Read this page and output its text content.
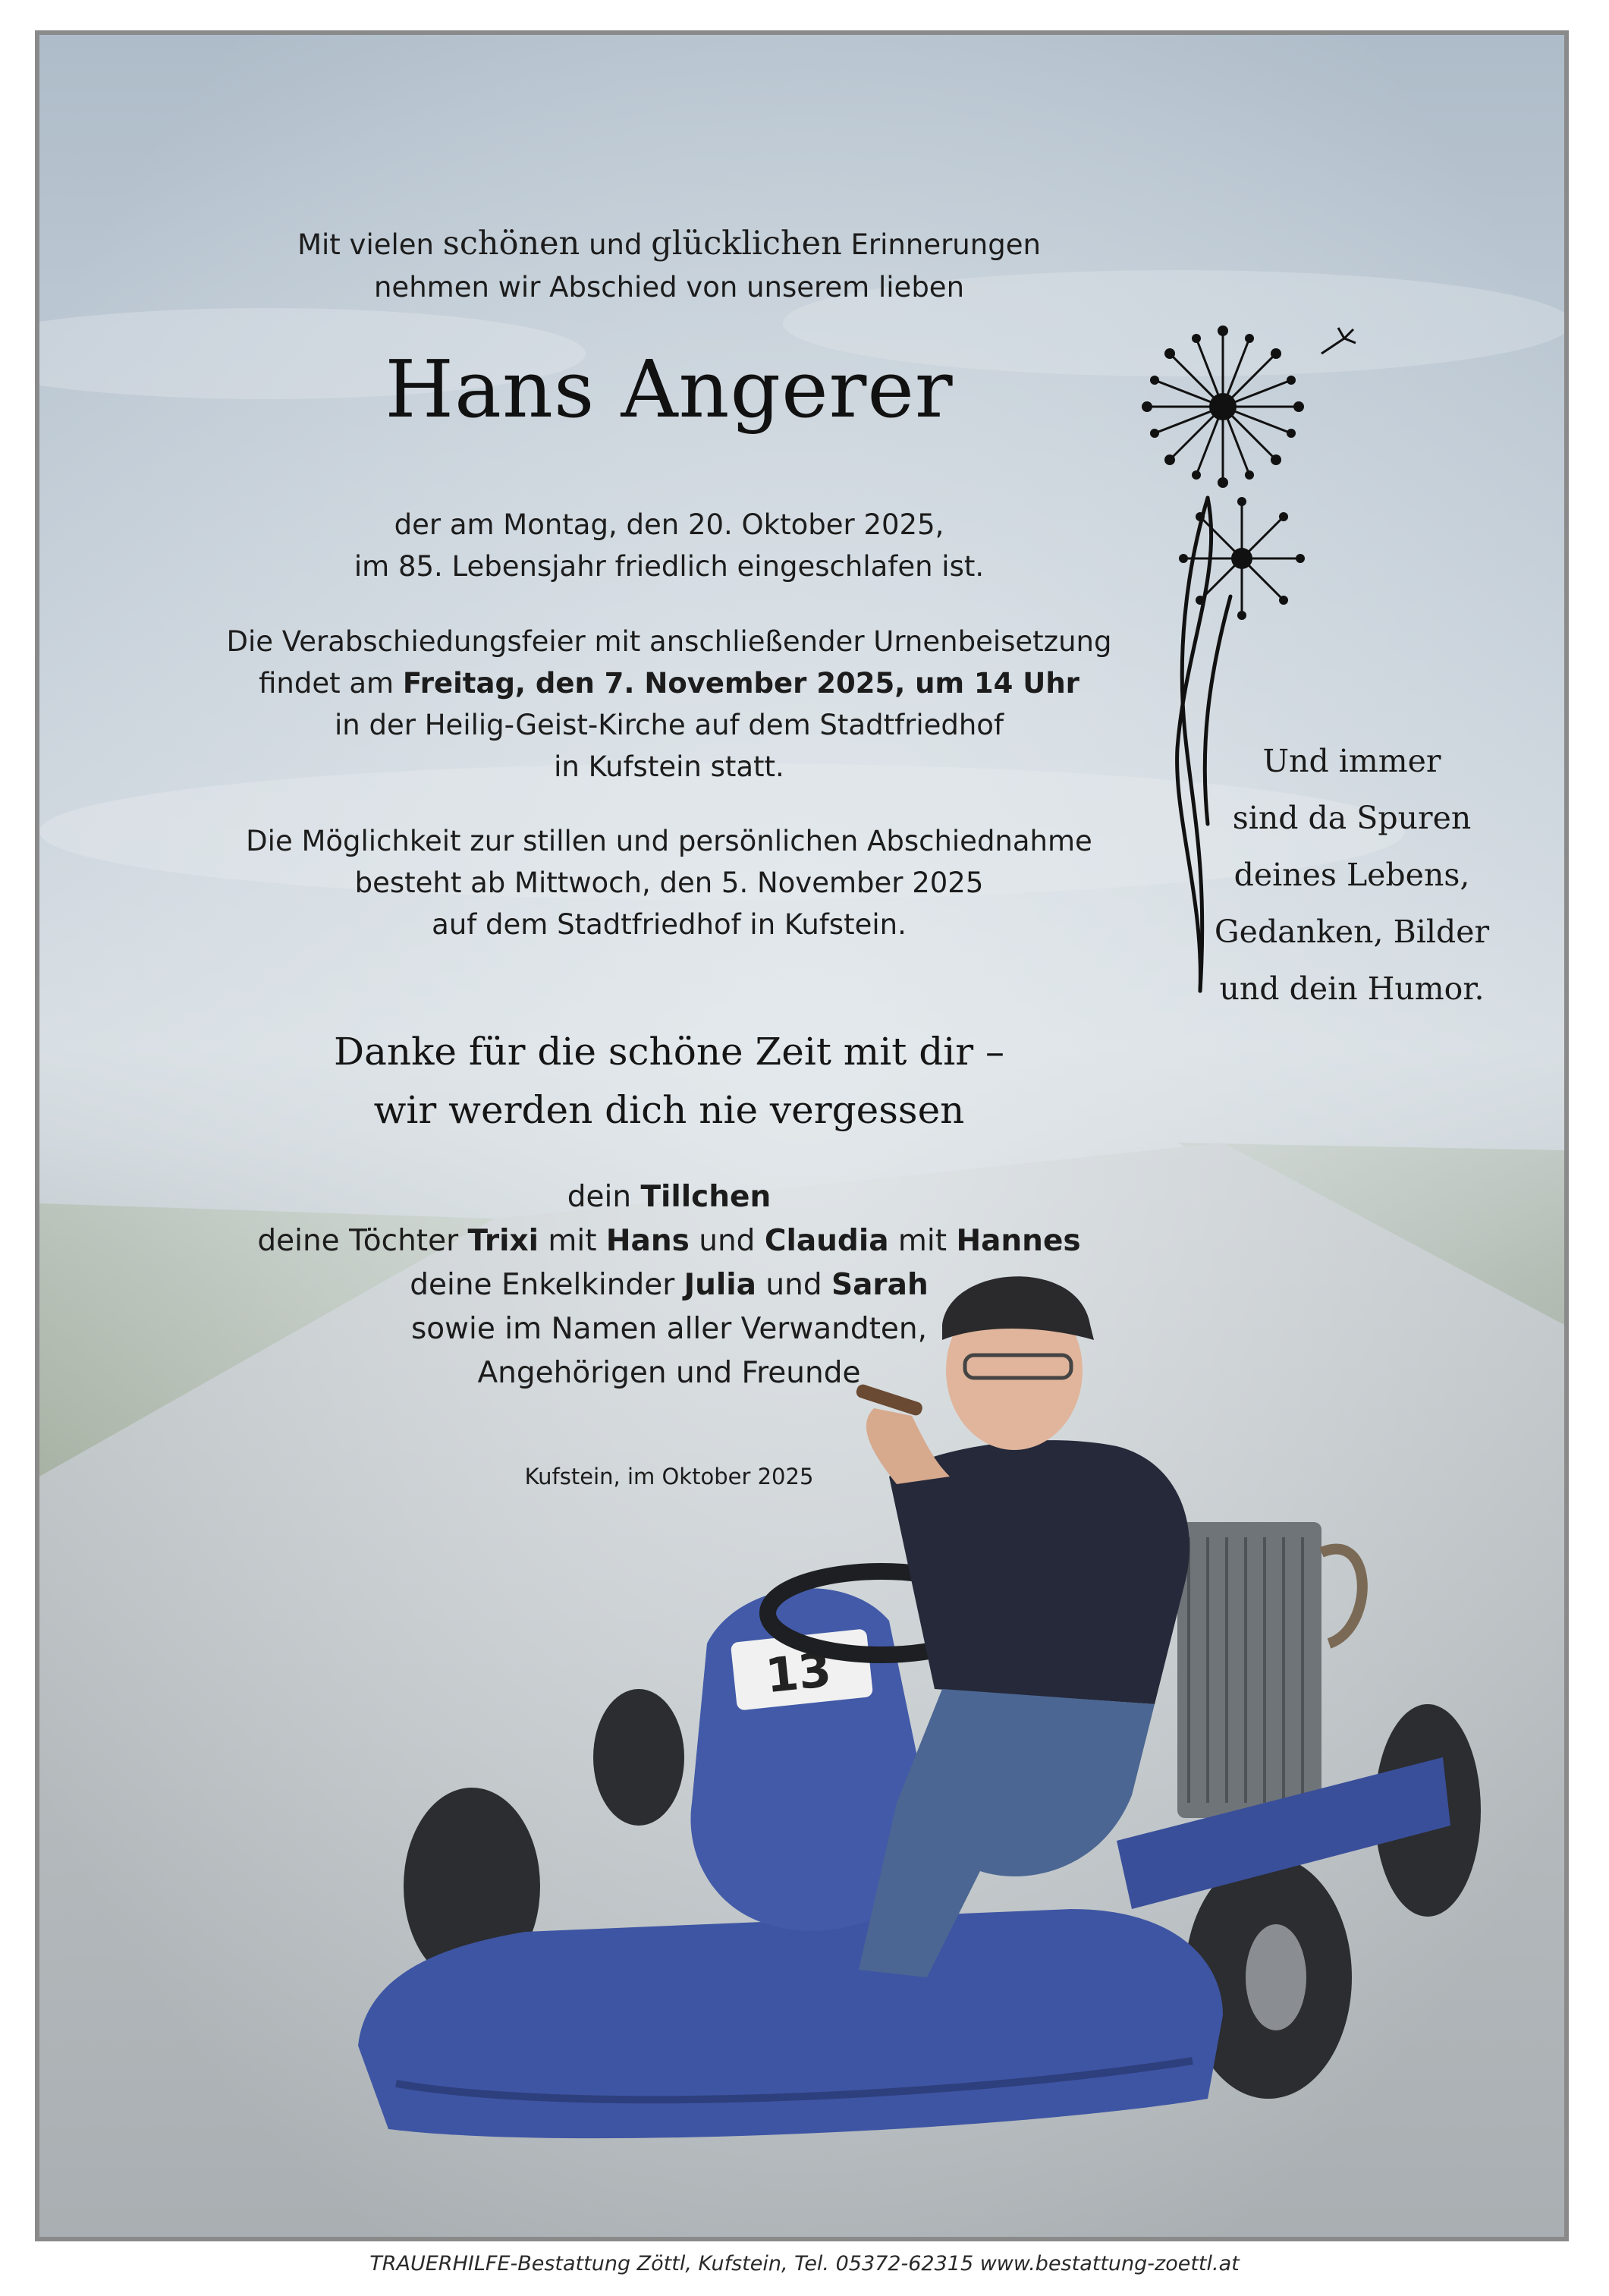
13
Mit vielen schönen und glücklichen Erinnerungen
nehmen wir Abschied von unserem lieben
Hans Angerer
der am Montag, den 20. Oktober 2025,
im 85. Lebensjahr friedlich eingeschlafen ist.
Die Verabschiedungsfeier mit anschließender Urnenbeisetzung
findet am Freitag, den 7. November 2025, um 14 Uhr
in der Heilig-Geist-Kirche auf dem Stadtfriedhof
in Kufstein statt.
Die Möglichkeit zur stillen und persönlichen Abschiednahme
besteht ab Mittwoch, den 5. November 2025
auf dem Stadtfriedhof in Kufstein.
Danke für die schöne Zeit mit dir –
wir werden dich nie vergessen
dein Tillchen
deine Töchter Trixi mit Hans und Claudia mit Hannes
deine Enkelkinder Julia und Sarah
sowie im Namen aller Verwandten,
Angehörigen und Freunde
Kufstein, im Oktober 2025
Und immer
sind da Spuren
deines Lebens,
Gedanken, Bilder
und dein Humor.
TRAUERHILFE-Bestattung Zöttl, Kufstein, Tel. 05372-62315 www.bestattung-zoettl.at
